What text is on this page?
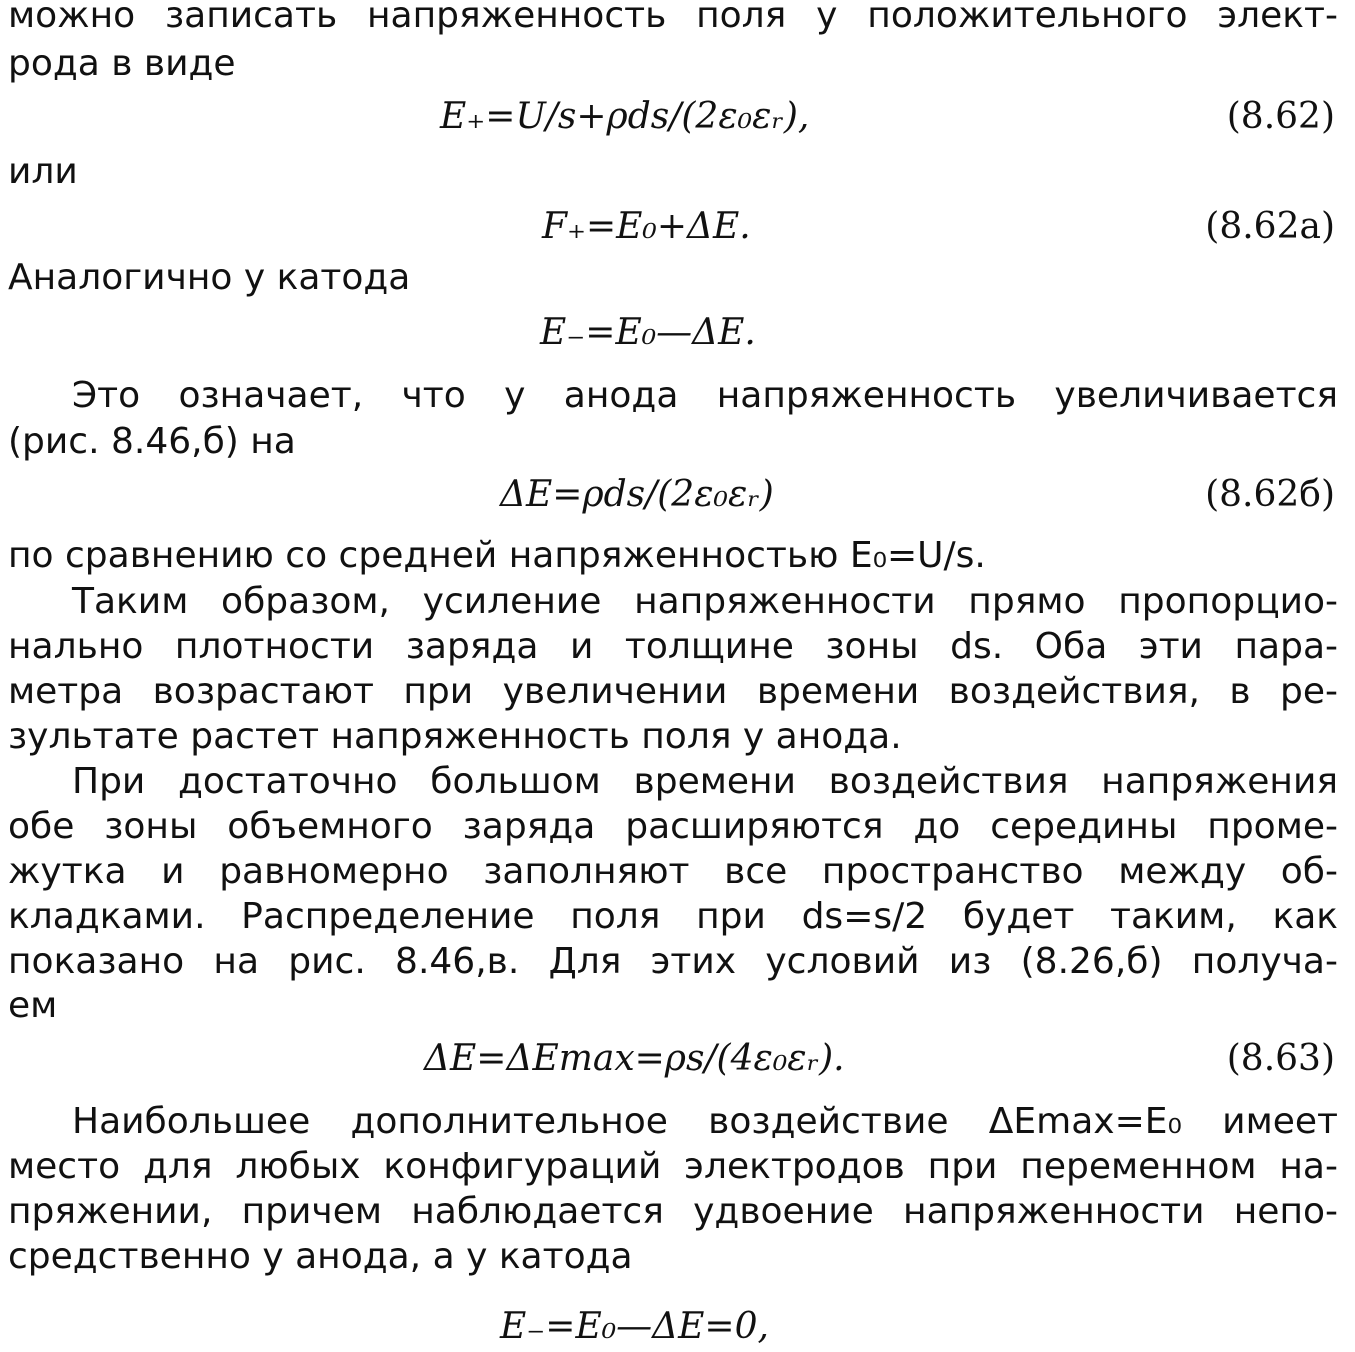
можно записать напряженность поля у положительного элект-
рода в виде
E₊=U/s+ρds/(2ε₀εᵣ),	(8.62)
или
F₊=E₀+ΔE.	(8.62а)
Аналогично у катода
E₋=E₀—ΔE.
Это означает, что у анода напряженность увеличивается
(рис. 8.46,б) на
ΔE=ρds/(2ε₀εᵣ)	(8.62б)
по сравнению со средней напряженностью E₀=U/s.
Таким образом, усиление напряженности прямо пропорцио-
нально плотности заряда и толщине зоны ds. Оба эти пара-
метра возрастают при увеличении времени воздействия, в ре-
зультате растет напряженность поля у анода.
При достаточно большом времени воздействия напряжения
обе зоны объемного заряда расширяются до середины проме-
жутка и равномерно заполняют все пространство между об-
кладками. Распределение поля при ds=s/2 будет таким, как
показано на рис. 8.46,в. Для этих условий из (8.26,б) получа-
ем
ΔE=ΔEmax=ρs/(4ε₀εᵣ).	(8.63)
Наибольшее дополнительное воздействие ΔEmax=E₀ имеет
место для любых конфигураций электродов при переменном на-
пряжении, причем наблюдается удвоение напряженности непо-
средственно у анода, а у катода
E₋=E₀—ΔE=0,
